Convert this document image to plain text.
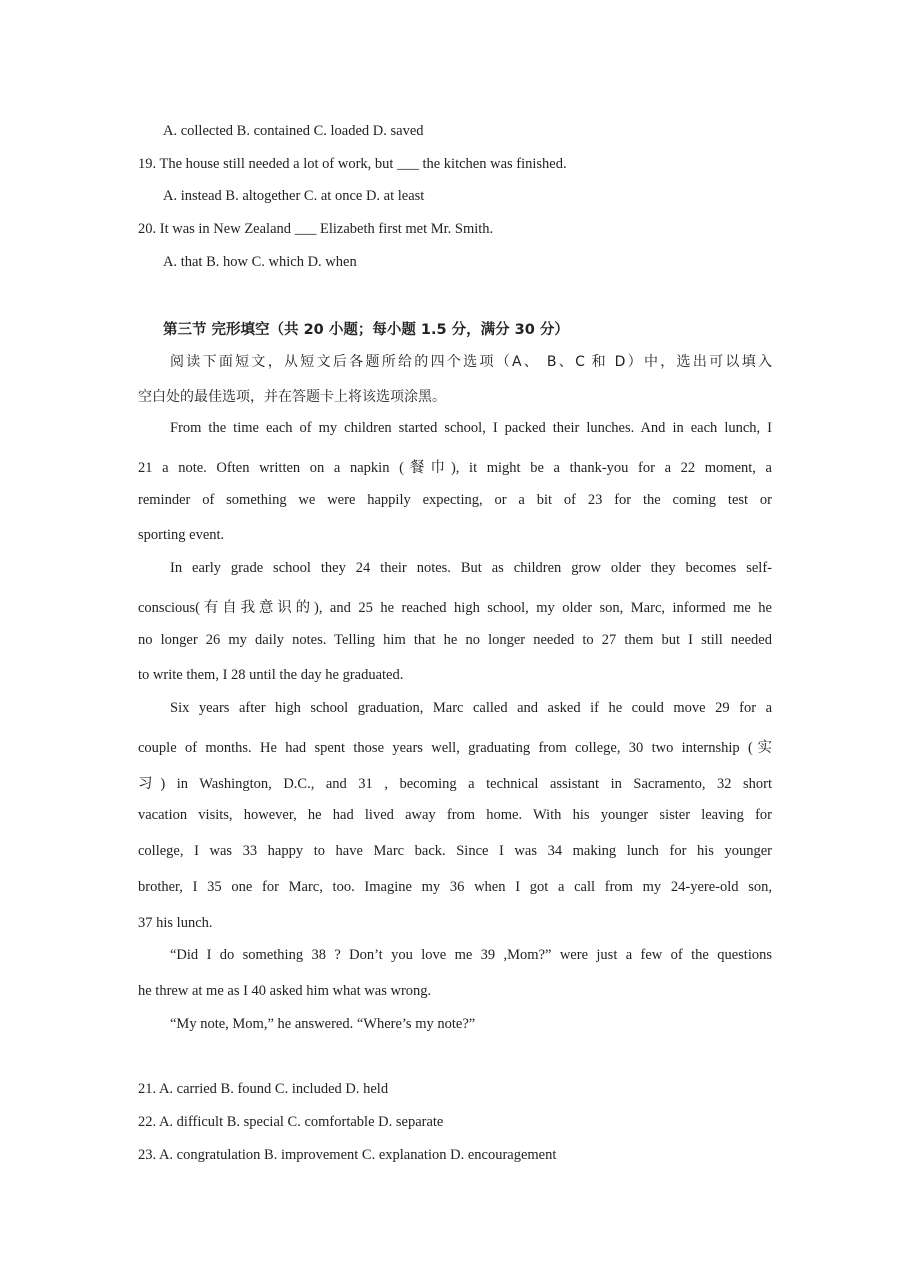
A. collected B. contained C. loaded D. saved
19. The house still needed a lot of work, but ___ the kitchen was finished.
A. instead B. altogether C. at once D. at least
20. It was in New Zealand ___ Elizabeth first met Mr. Smith.
A. that B. how C. which D. when
第三节 完形填空（共 20 小题；每小题 1.5 分，满分 30 分）
阅读下面短文，从短文后各题所给的四个选项（A、 B、C 和 D）中，选出可以填入
空白处的最佳选项，并在答题卡上将该选项涂黑。
From the time each of my children started school, I packed their lunches. And in each lunch, I
21 a note. Often written on a napkin (餐巾), it might be a thank-you for a 22 moment, a
reminder of something we were happily expecting, or a bit of 23 for the coming test or
sporting event.
In early grade school they 24 their notes. But as children grow older they becomes self-
conscious(有自我意识的), and 25 he reached high school, my older son, Marc, informed me he
no longer 26 my daily notes. Telling him that he no longer needed to 27 them but I still needed
to write them, I 28 until the day he graduated.
Six years after high school graduation, Marc called and asked if he could move 29 for a
couple of months. He had spent those years well, graduating from college, 30 two internship (实
习) in Washington, D.C., and 31 , becoming a technical assistant in Sacramento, 32 short
vacation visits, however, he had lived away from home. With his younger sister leaving for
college, I was 33 happy to have Marc back. Since I was 34 making lunch for his younger
brother, I 35 one for Marc, too. Imagine my 36 when I got a call from my 24-yere-old son,
37 his lunch.
“Did I do something 38 ? Don’t you love me 39 ,Mom?” were just a few of the questions
he threw at me as I 40 asked him what was wrong.
“My note, Mom,” he answered. “Where’s my note?”
21. A. carried B. found C. included D. held
22. A. difficult B. special C. comfortable D. separate
23. A. congratulation B. improvement C. explanation D. encouragement
